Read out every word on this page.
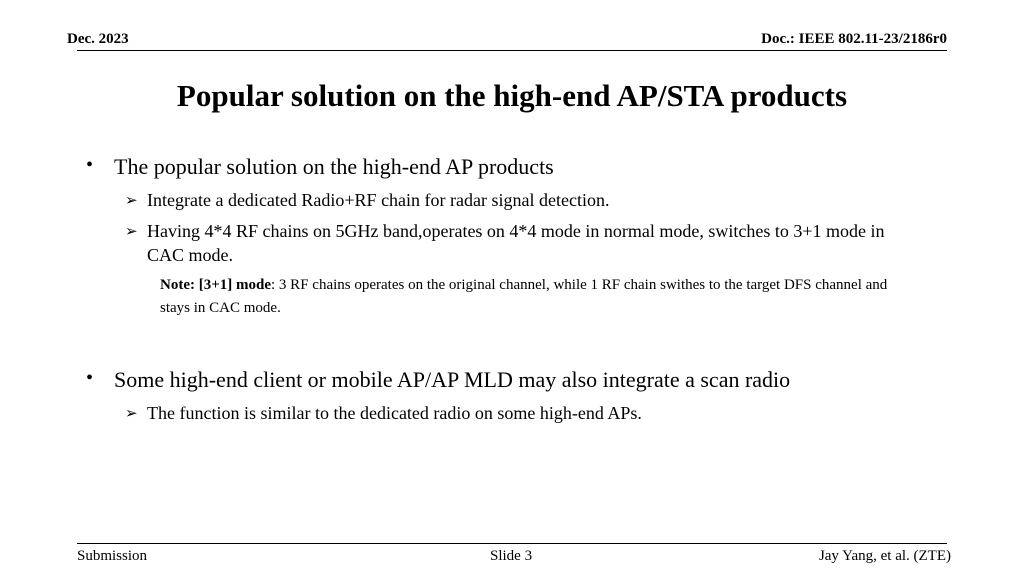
Dec. 2023	Doc.: IEEE 802.11-23/2186r0
Popular solution on the high-end AP/STA products
• The popular solution on the high-end AP products
➢ Integrate a dedicated Radio+RF chain for radar signal detection.
➢ Having 4*4 RF chains on 5GHz band,operates on 4*4 mode in normal mode, switches to 3+1 mode in CAC mode.
Note: [3+1] mode: 3 RF chains operates on the original channel, while 1 RF chain swithes to the target DFS channel and stays in CAC mode.
• Some high-end client or mobile AP/AP MLD may also integrate a scan radio
➢ The function is similar to the dedicated radio on some high-end APs.
Submission	Slide 3	Jay Yang, et al. (ZTE)
